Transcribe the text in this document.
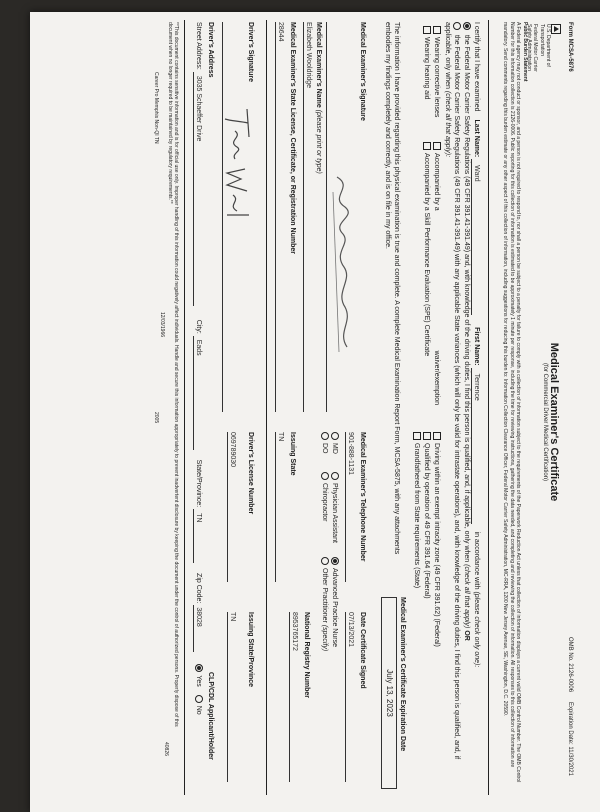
Form MCSA-5876
OMB No. 2126-0006
Expiration Date: 11/30/2021
U.S. Department of Transportation
Federal Motor Carrier
Safety Administration
Medical Examiner's Certificate
(for Commercial Driver Medical Certification)
Public Burden Statement
A Federal agency may not conduct or sponsor, and a person is not required to respond to, nor shall a person be subject to a penalty for failure to comply with a collection of information subject to the requirements of the Paperwork Reduction Act unless that collection of information displays a current valid OMB Control Number. The OMB Control Number for this information collection is 2126-0006. Public reporting for this collection of information is estimated to be approximately 1 minute per response, including the time for reviewing instructions, gathering the data needed, and completing and reviewing the collection of information. All responses to this collection of information are mandatory. Send comments regarding this burden estimate or any other aspect of this collection of information, including suggestions for reducing this burden to: Information Collection Clearance Officer, Federal Motor Carrier Safety Administration, MC-RRA, 1200 New Jersey Avenue, SE, Washington, D.C. 20590.
I certify that I have examined Last Name: Ward First Name: Terrence in accordance with (please check only one):
the Federal Motor Carrier Safety Regulations (49 CFR 391.41-391.49) and, with knowledge of the driving duties, I find this person is qualified, and, if applicable, only when (check all that apply) OR
the Federal Motor Carrier Safety Regulations (49 CFR 391.41-391.49) with any applicable State variances (which will only be valid for intrastate operations), and, with knowledge of the driving duties, I find this person is qualified, and, if applicable, only when (check all that apply):
Wearing corrective lenses
Wearing hearing aid
Accompanied by awaiver/exemption
Accompanied by a Skill Performance Evaluation (SPE) Certificate
Driving within an exempt intracity zone (49 CFR 391.62) (Federal)
Qualified by operation of 49 CFR 391.64 (Federal)
Grandfathered from State requirements (State)
Medical Examiner's Certificate Expiration Date
July 13, 2023
The information I have provided regarding this physical examination is true and complete. A complete Medical Examination Report Form, MCSA-5875, with any attachments embodies my findings completely and correctly, and is on file in my office.
Medical Examiner's Signature
Medical Examiner's Telephone Number
901-888-1131
Date Certificate Signed
07/13/2021
MD
DO
Physician Assistant
Chiropractor
Advanced Practice Nurse
Other Practitioner (specify)
Medical Examiner's Name (please print or type)
Elizabeth Wooldridge
Medical Examiner's State License, Certificate, or Registration Number
28644
Issuing State
TN
National Registry Number
8953765172
Driver's Signature
Driver's License Number
069789030
Issuing State/Province
TN
Driver's Address
CLP/CDL Applicant/Holder
Street Address: 3035 Schaeffer Drive City: Eads State/Province: TN Zip Code: 38028 Yes No
**This document contains sensitive information and is for official use only. Improper handling of this information could negatively affect individuals. Handle and secure this information appropriately to prevent inadvertent disclosure by keeping the document under the control of authorized persons. Properly dispose of this document when no longer required to be maintained by regulatory requirements.**
Career Pro Memphis Non-QI TN
12/03/1966
2005
40826
